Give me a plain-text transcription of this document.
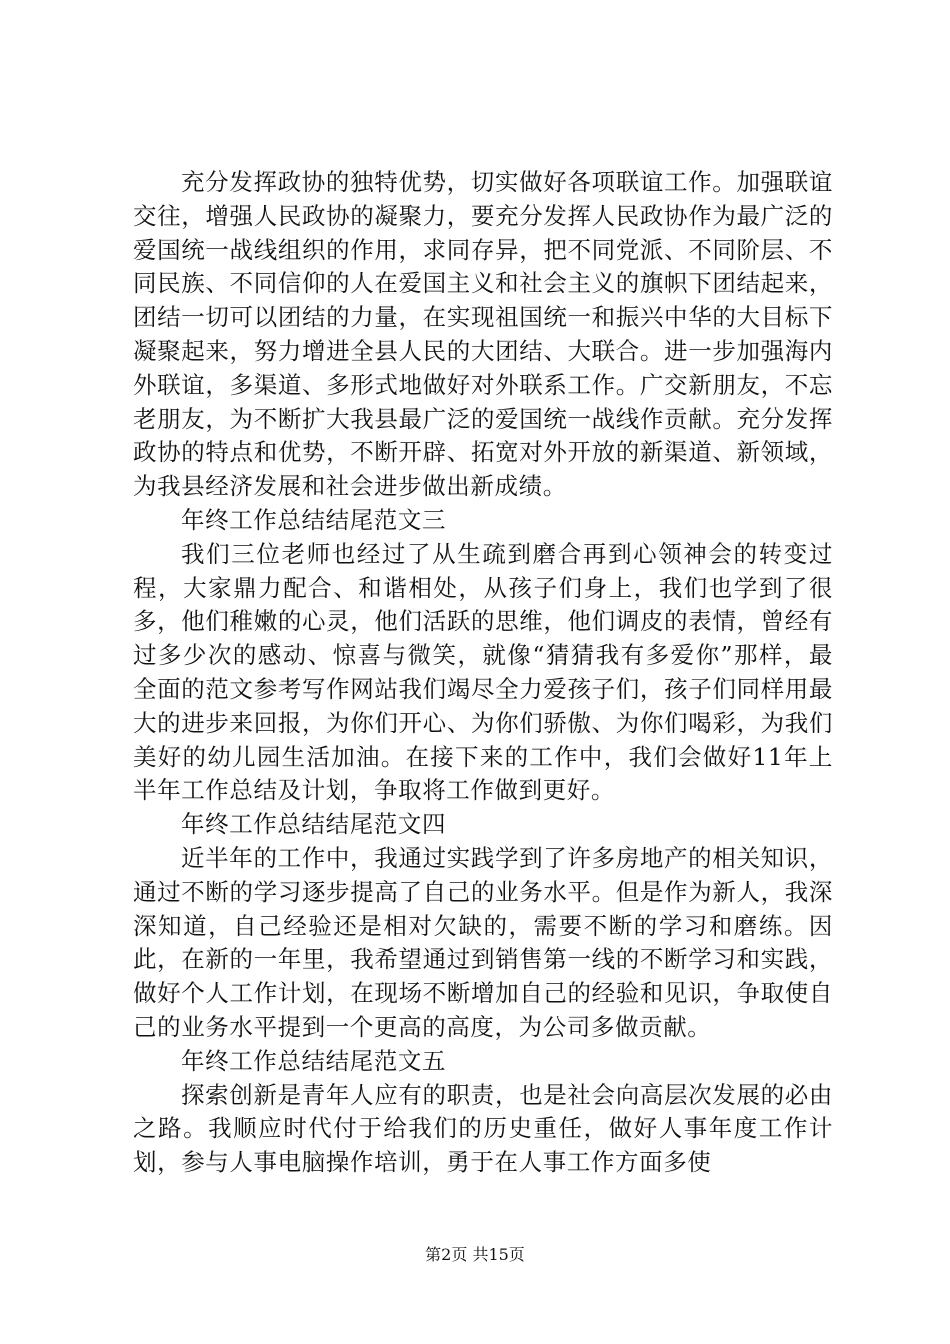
充分发挥政协的独特优势，切实做好各项联谊工作。加强联谊交往，增强人民政协的凝聚力，要充分发挥人民政协作为最广泛的爱国统一战线组织的作用，求同存异，把不同党派、不同阶层、不同民族、不同信仰的人在爱国主义和社会主义的旗帜下团结起来，团结一切可以团结的力量，在实现祖国统一和振兴中华的大目标下凝聚起来，努力增进全县人民的大团结、大联合。进一步加强海内外联谊，多渠道、多形式地做好对外联系工作。广交新朋友，不忘老朋友，为不断扩大我县最广泛的爱国统一战线作贡献。充分发挥政协的特点和优势，不断开辟、拓宽对外开放的新渠道、新领域，为我县经济发展和社会进步做出新成绩。

年终工作总结结尾范文三

我们三位老师也经过了从生疏到磨合再到心领神会的转变过程，大家鼎力配合、和谐相处，从孩子们身上，我们也学到了很多，他们稚嫩的心灵，他们活跃的思维，他们调皮的表情，曾经有过多少次的感动、惊喜与微笑，就像“猜猜我有多爱你”那样，最全面的范文参考写作网站我们竭尽全力爱孩子们，孩子们同样用最大的进步来回报，为你们开心、为你们骄傲、为你们喝彩，为我们美好的幼儿园生活加油。在接下来的工作中，我们会做好11年上半年工作总结及计划，争取将工作做到更好。

年终工作总结结尾范文四

近半年的工作中，我通过实践学到了许多房地产的相关知识，通过不断的学习逐步提高了自己的业务水平。但是作为新人，我深深知道，自己经验还是相对欠缺的，需要不断的学习和磨练。因此，在新的一年里，我希望通过到销售第一线的不断学习和实践，做好个人工作计划，在现场不断增加自己的经验和见识，争取使自己的业务水平提到一个更高的高度，为公司多做贡献。

年终工作总结结尾范文五

探索创新是青年人应有的职责，也是社会向高层次发展的必由之路。我顺应时代付于给我们的历史重任，做好人事年度工作计划，参与人事电脑操作培训，勇于在人事工作方面多使

第2页 共15页
